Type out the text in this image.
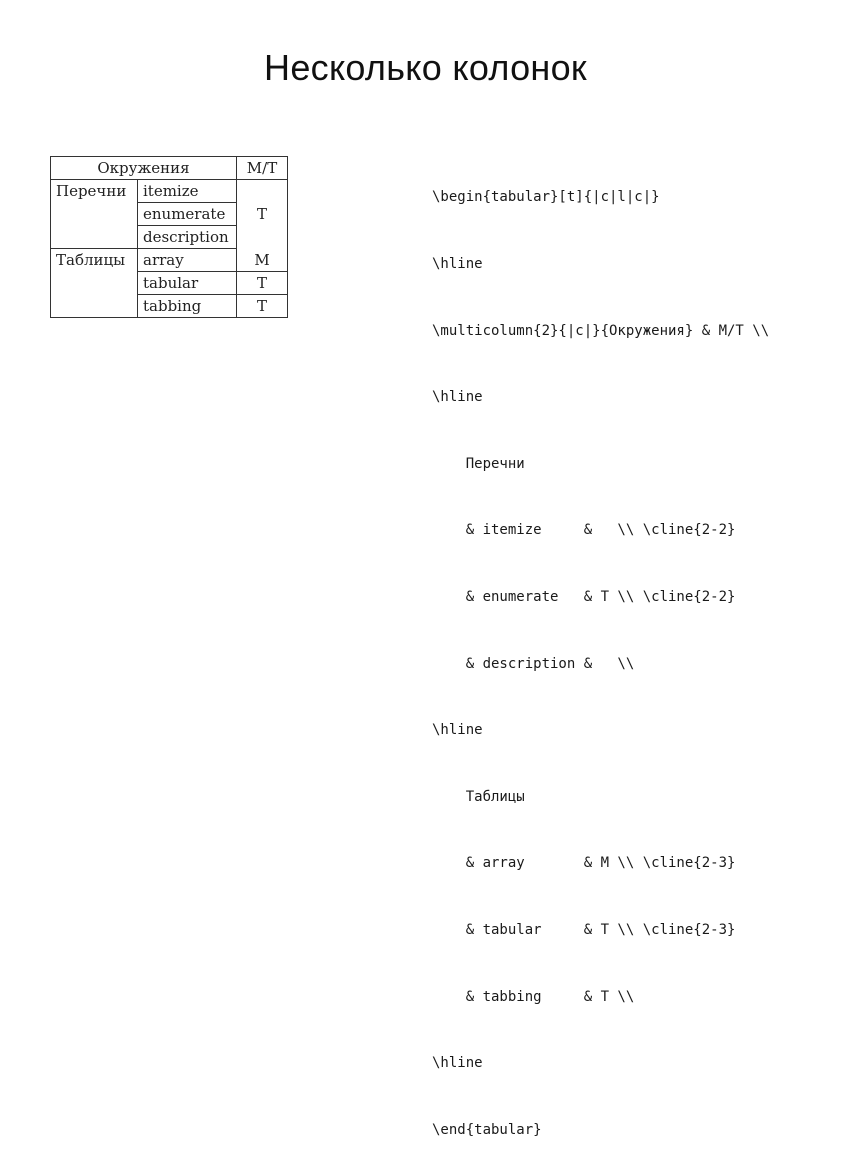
Несколько колонок
Окружения		M/T
Перечни	itemize	T
	enumerate	
	description	
Таблицы	array	M
	tabular	T
	tabbing	T

\begin{tabular}[t]{|c|l|c|}

\hline

\multicolumn{2}{|c|}{Окружения} & M/T \\

\hline

Перечни

& itemize     &   \\ \cline{2-2}

& enumerate   & T \\ \cline{2-2}

& description &   \\

\hline

Таблицы

& array       & M \\ \cline{2-3}

& tabular     & T \\ \cline{2-3}

& tabbing     & T \\

\hline

\end{tabular}
